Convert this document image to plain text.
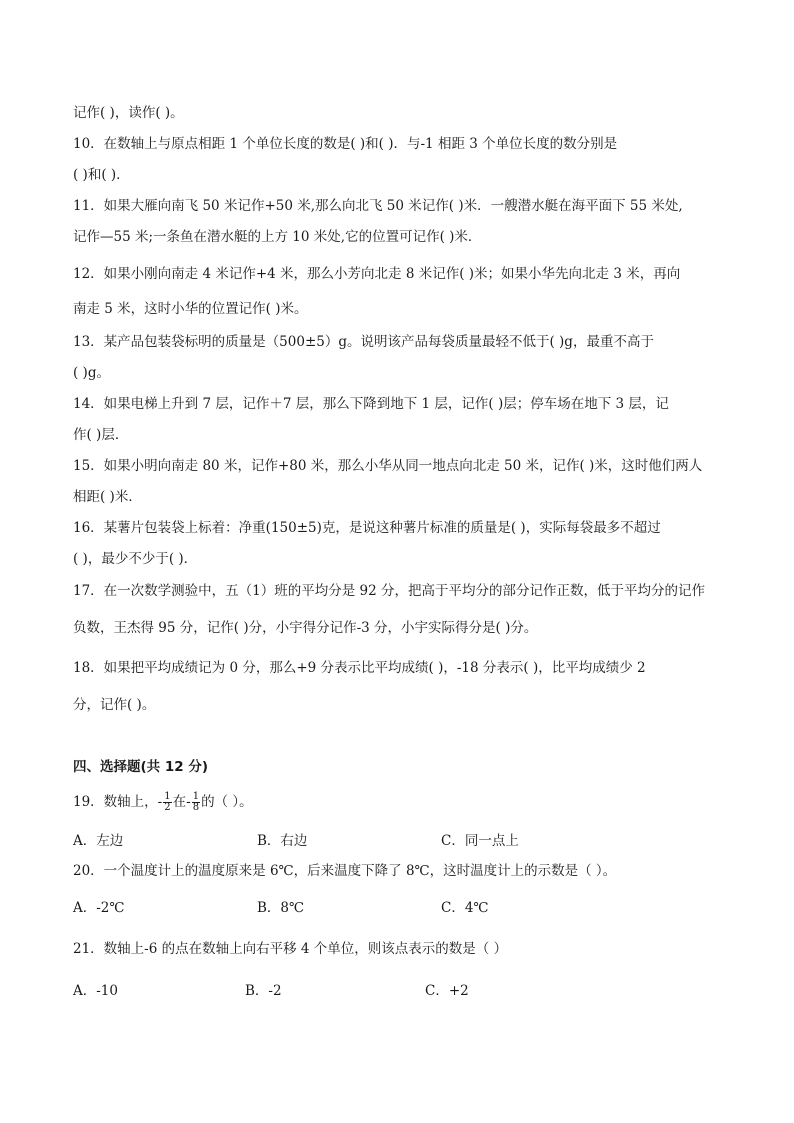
记作( )，读作( )。
10．在数轴上与原点相距 1 个单位长度的数是( )和( )．与-1 相距 3 个单位长度的数分别是
( )和( )．
11．如果大雁向南飞 50 米记作+50 米,那么向北飞 50 米记作( )米．一艘潜水艇在海平面下 55 米处,
记作—55 米;一条鱼在潜水艇的上方 10 米处,它的位置可记作( )米．
12．如果小刚向南走 4 米记作+4 米，那么小芳向北走 8 米记作( )米；如果小华先向北走 3 米，再向
南走 5 米，这时小华的位置记作( )米。
13．某产品包装袋标明的质量是（500±5）g。说明该产品每袋质量最轻不低于( )g，最重不高于
( )g。
14．如果电梯上升到 7 层，记作＋7 层，那么下降到地下 1 层，记作( )层；停车场在地下 3 层，记
作( )层．
15．如果小明向南走 80 米，记作+80 米，那么小华从同一地点向北走 50 米，记作( )米，这时他们两人
相距( )米．
16．某薯片包装袋上标着：净重(150±5)克，是说这种薯片标准的质量是( )，实际每袋最多不超过
( )，最少不少于( )．
17．在一次数学测验中，五（1）班的平均分是 92 分，把高于平均分的部分记作正数，低于平均分的记作
负数，王杰得 95 分，记作( )分，小宇得分记作-3 分，小宇实际得分是( )分。
18．如果把平均成绩记为 0 分，那么+9 分表示比平均成绩( )，-18 分表示( )，比平均成绩少 2
分，记作( )。
四、选择题(共 12 分)
19．数轴上，- $\frac{1}{2}$ 在- $\frac{1}{8}$ 的（ ）。
A．左边	B．右边	C．同一点上
20．一个温度计上的温度原来是 6℃，后来温度下降了 8℃，这时温度计上的示数是（ ）。
A．-2℃	B．8℃	C．4℃
21．数轴上-6 的点在数轴上向右平移 4 个单位，则该点表示的数是（ ）
A．-10	B．-2	C．+2
